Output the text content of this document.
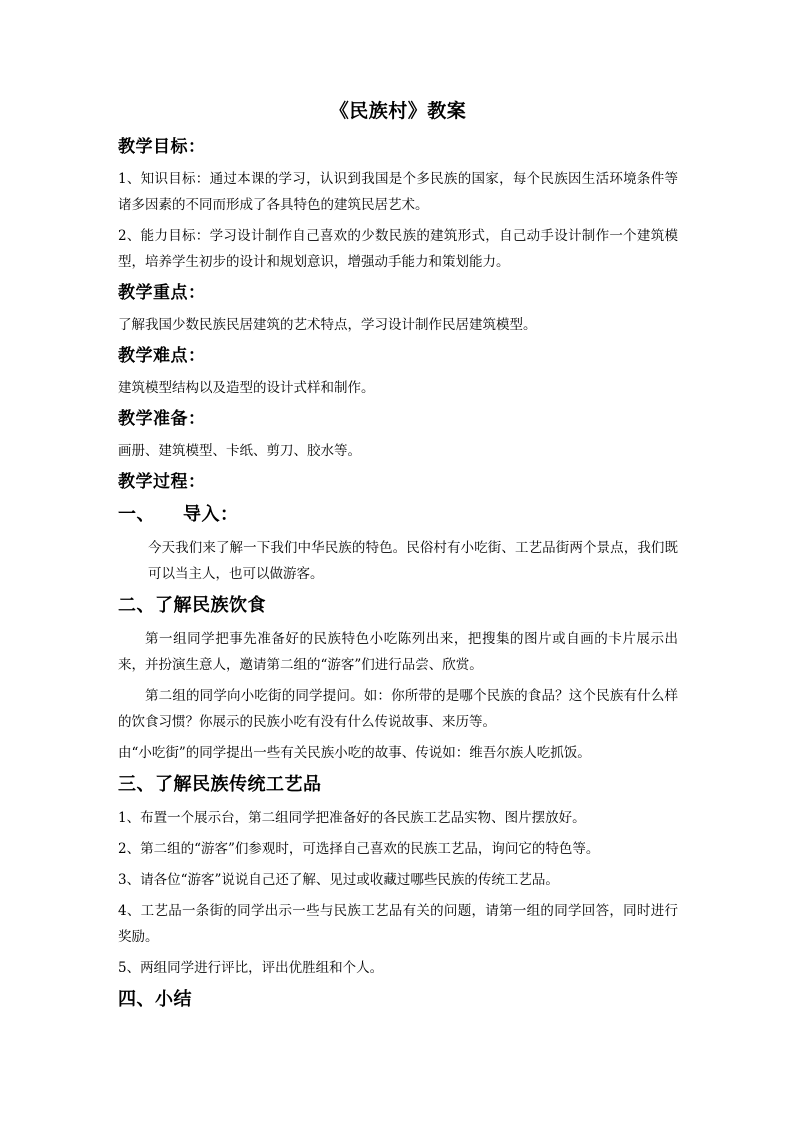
《民族村》教案
教学目标：
1、知识目标：通过本课的学习，认识到我国是个多民族的国家，每个民族因生活环境条件等诸多因素的不同而形成了各具特色的建筑民居艺术。
2、能力目标：学习设计制作自己喜欢的少数民族的建筑形式，自己动手设计制作一个建筑模型，培养学生初步的设计和规划意识，增强动手能力和策划能力。
教学重点：
了解我国少数民族民居建筑的艺术特点，学习设计制作民居建筑模型。
教学难点：
建筑模型结构以及造型的设计式样和制作。
教学准备：
画册、建筑模型、卡纸、剪刀、胶水等。
教学过程：
一、 导入：
今天我们来了解一下我们中华民族的特色。民俗村有小吃街、工艺品街两个景点，我们既可以当主人，也可以做游客。
二、了解民族饮食
第一组同学把事先准备好的民族特色小吃陈列出来，把搜集的图片或自画的卡片展示出来，并扮演生意人，邀请第二组的“游客”们进行品尝、欣赏。
第二组的同学向小吃街的同学提问。如：你所带的是哪个民族的食品？这个民族有什么样的饮食习惯？你展示的民族小吃有没有什么传说故事、来历等。
由“小吃街”的同学提出一些有关民族小吃的故事、传说如：维吾尔族人吃抓饭。
三、了解民族传统工艺品
1、布置一个展示台，第二组同学把准备好的各民族工艺品实物、图片摆放好。
2、第二组的“游客”们参观时，可选择自己喜欢的民族工艺品，询问它的特色等。
3、请各位“游客”说说自己还了解、见过或收藏过哪些民族的传统工艺品。
4、工艺品一条街的同学出示一些与民族工艺品有关的问题，请第一组的同学回答，同时进行奖励。
5、两组同学进行评比，评出优胜组和个人。
四、小结
